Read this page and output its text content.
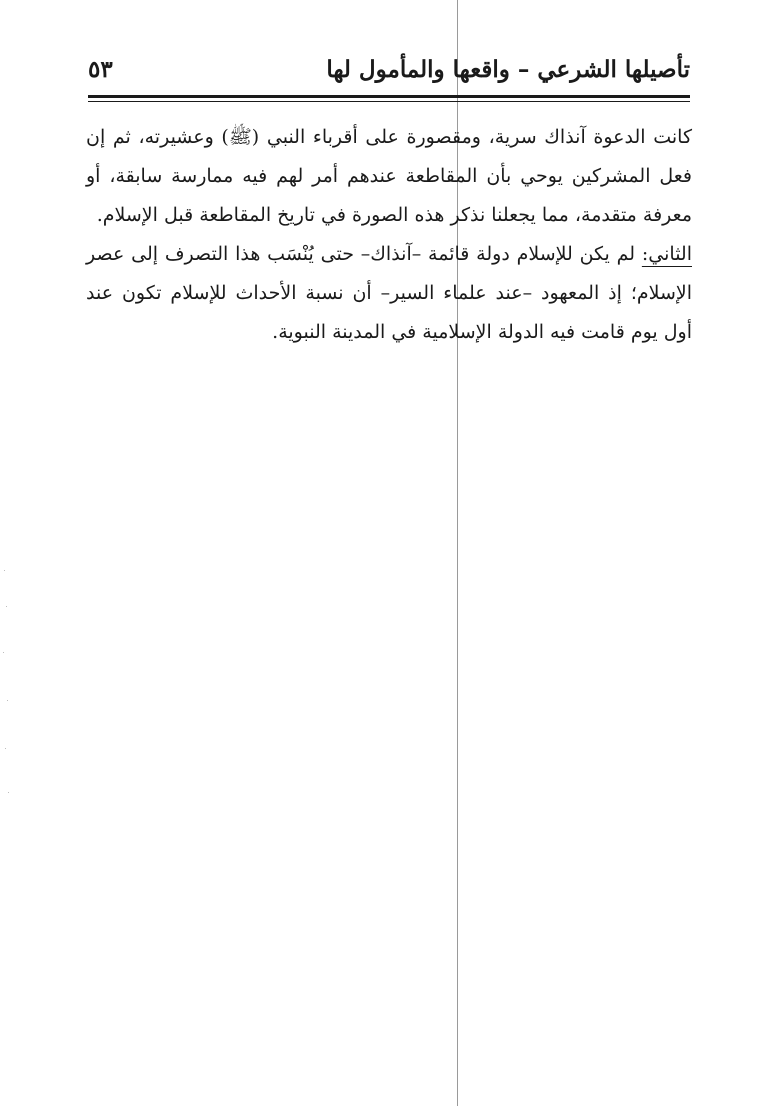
تأصيلها الشرعي – واقعها والمأمول لها
٥٣

كانت الدعوة آنذاك سرية، ومقصورة على أقرباء النبي (ﷺ) وعشيرته، ثم إن فعل المشركين يوحي بأن المقاطعة عندهم أمر لهم فيه ممارسة سابقة، أو معرفة متقدمة، مما يجعلنا نذكر هذه الصورة في تاريخ المقاطعة قبل الإسلام.

الثاني: لم يكن للإسلام دولة قائمة –آنذاك– حتى يُنْسَب هذا التصرف إلى عصر الإسلام؛ إذ المعهود –عند علماء السير– أن نسبة الأحداث للإسلام تكون عند أول يوم قامت فيه الدولة الإسلامية في المدينة النبوية.
